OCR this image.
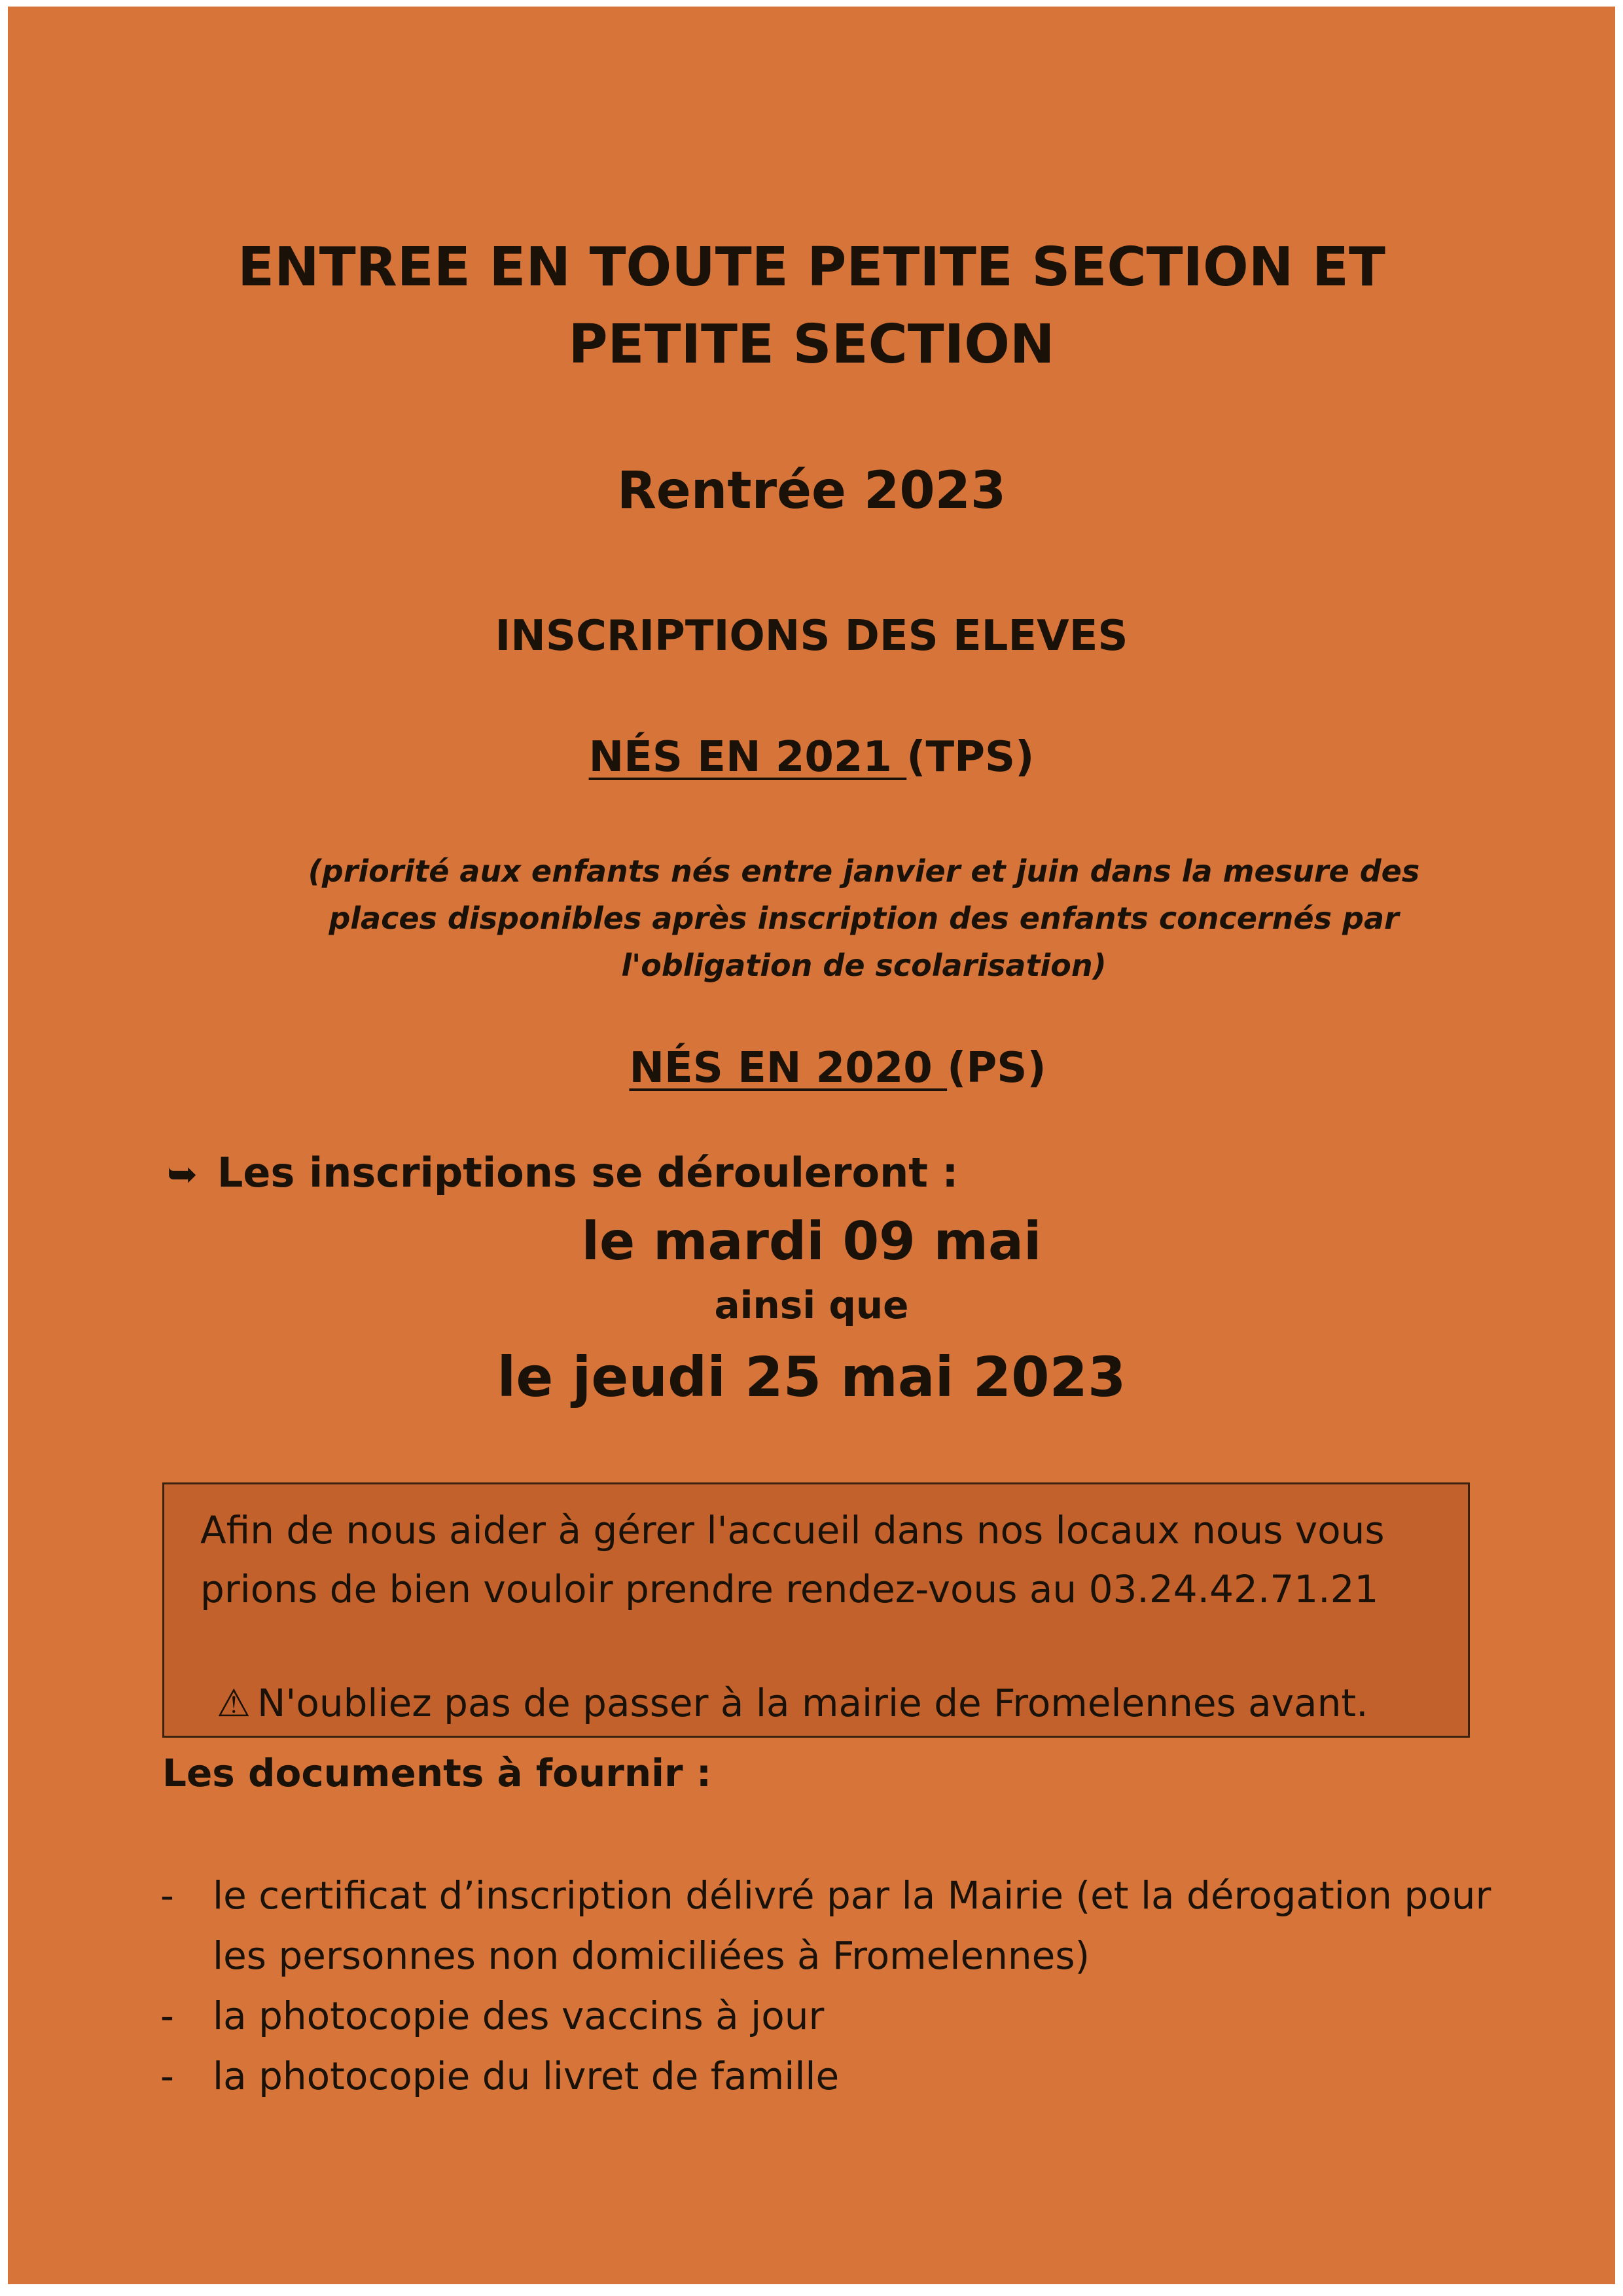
ENTREE EN TOUTE PETITE SECTION ET
PETITE SECTION
Rentrée 2023
INSCRIPTIONS DES ELEVES
NÉS EN 2021 (TPS)
(priorité aux enfants nés entre janvier et juin dans la mesure des places disponibles après inscription des enfants concernés par l'obligation de scolarisation)
NÉS EN 2020 (PS)
➥ Les inscriptions se dérouleront :
le mardi 09 mai
ainsi que
le jeudi 25 mai 2023
Afin de nous aider à gérer l'accueil dans nos locaux nous vous prions de bien vouloir prendre rendez-vous au 03.24.42.71.21
⚠ N'oubliez pas de passer à la mairie de Fromelennes avant.
Les documents à fournir :
- le certificat d’inscription délivré par la Mairie (et la dérogation pour les personnes non domiciliées à Fromelennes)
- la photocopie des vaccins à jour
- la photocopie du livret de famille
